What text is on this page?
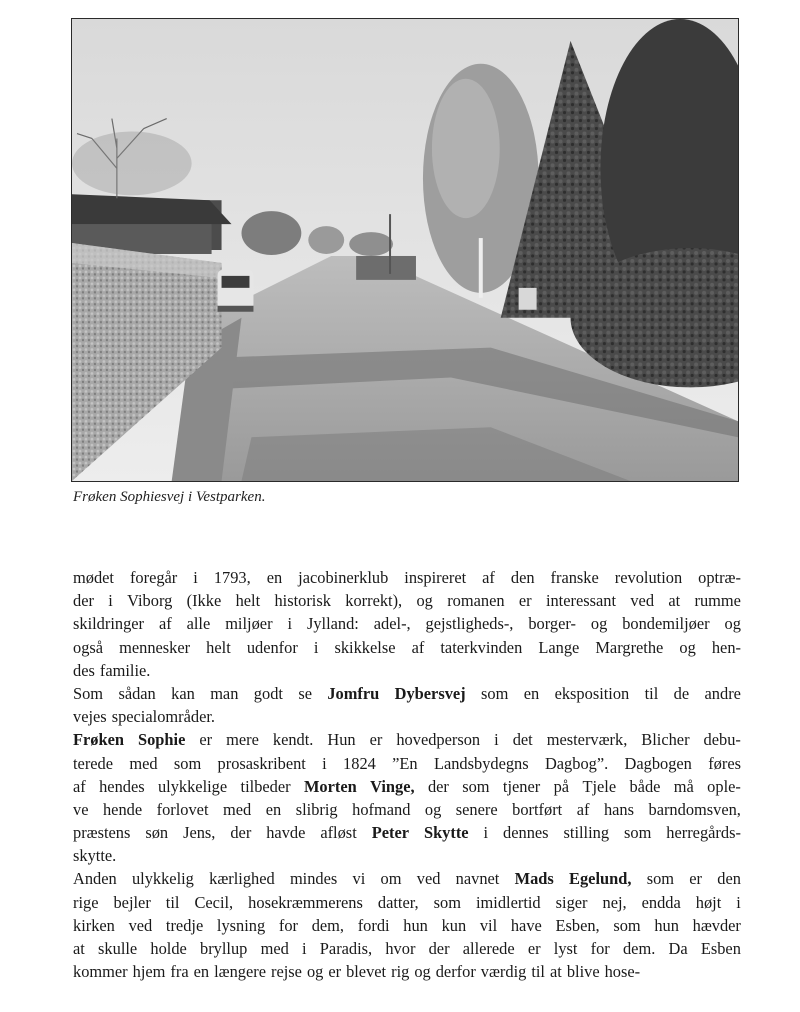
Frøken Sophiesvej i Vestparken.
mødet foregår i 1793, en jacobinerklub inspireret af den franske revolution optræ-
der i Viborg (Ikke helt historisk korrekt), og romanen er interessant ved at rumme
skildringer af alle miljøer i Jylland: adel-, gejstligheds-, borger- og bondemiljøer og
også mennesker helt udenfor i skikkelse af taterkvinden Lange Margrethe og hen-
des familie.
Som sådan kan man godt se Jomfru Dybersvej som en eksposition til de andre
vejes specialområder.
Frøken Sophie er mere kendt. Hun er hovedperson i det mesterværk, Blicher debu-
terede med som prosaskribent i 1824 ”En Landsbydegns Dagbog”. Dagbogen føres
af hendes ulykkelige tilbeder Morten Vinge, der som tjener på Tjele både må ople-
ve hende forlovet med en slibrig hofmand og senere bortført af hans barndomsven,
præstens søn Jens, der havde afløst Peter Skytte i dennes stilling som herregårds-
skytte.
Anden ulykkelig kærlighed mindes vi om ved navnet Mads Egelund, som er den
rige bejler til Cecil, hosekræmmerens datter, som imidlertid siger nej, endda højt i
kirken ved tredje lysning for dem, fordi hun kun vil have Esben, som hun hævder
at skulle holde bryllup med i Paradis, hvor der allerede er lyst for dem. Da Esben
kommer hjem fra en længere rejse og er blevet rig og derfor værdig til at blive hose-
